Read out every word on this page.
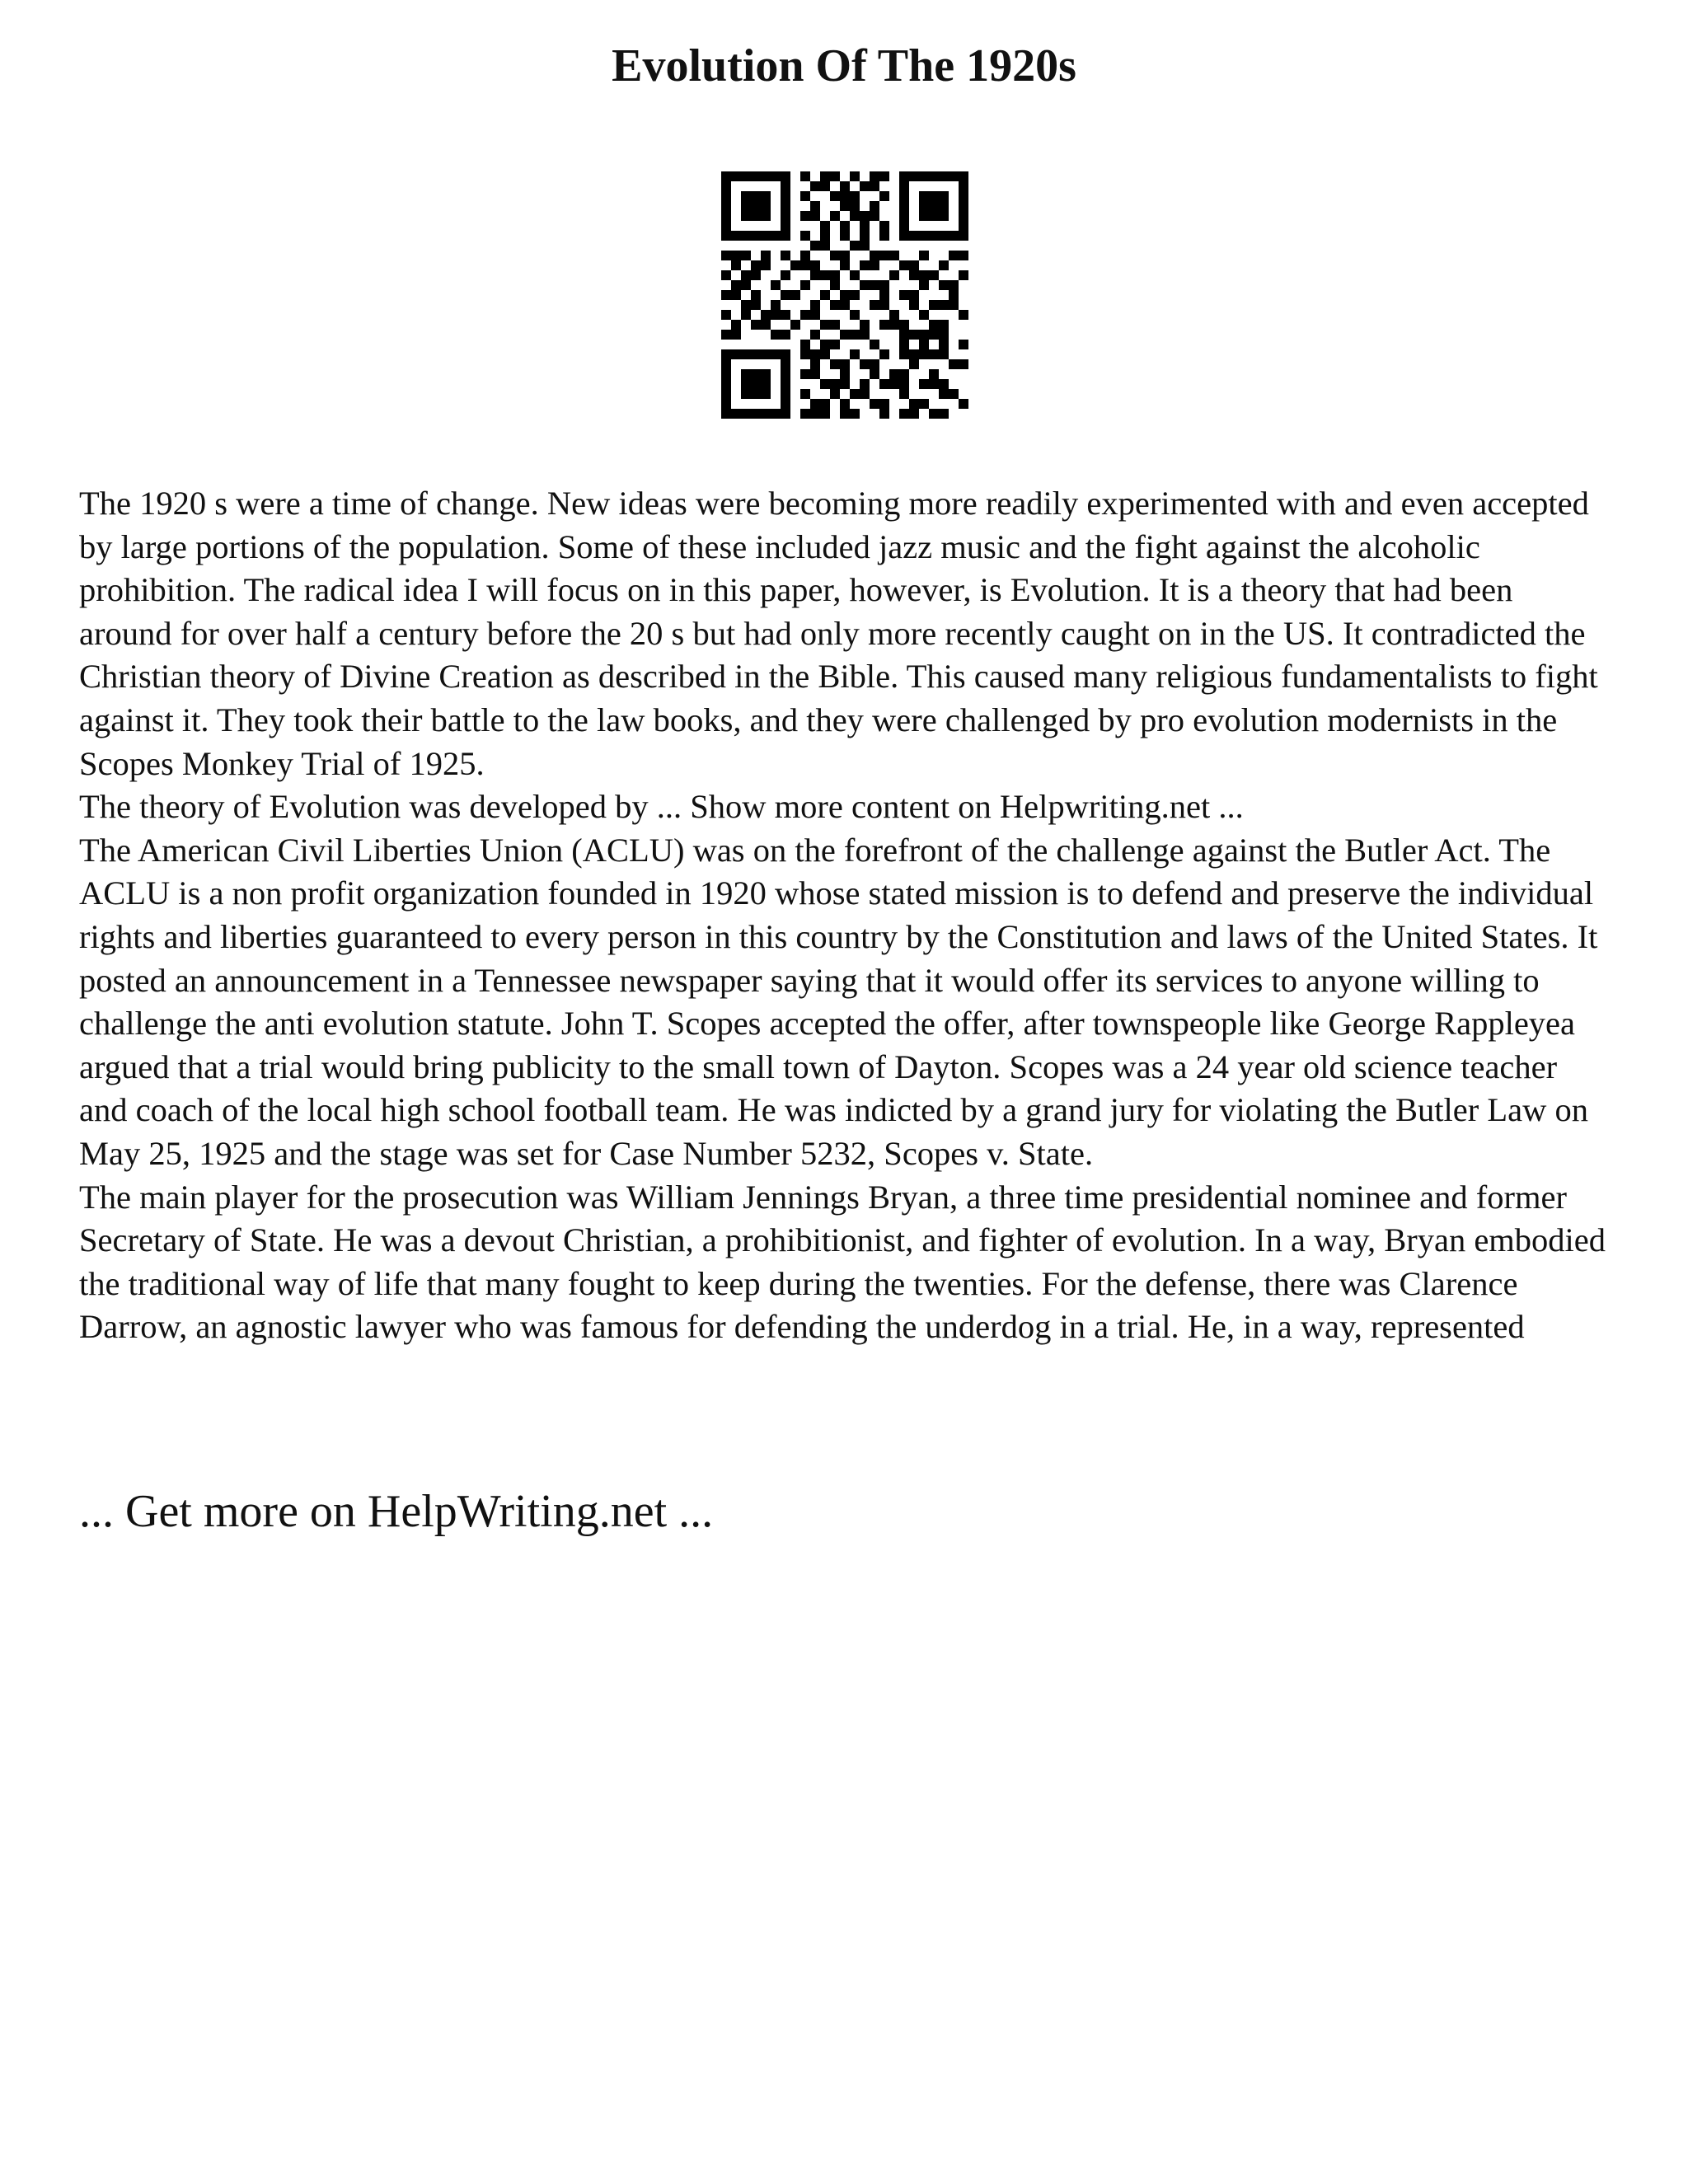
Evolution Of The 1920s

The 1920 s were a time of change. New ideas were becoming more readily experimented with and even accepted by large portions of the population. Some of these included jazz music and the fight against the alcoholic prohibition. The radical idea I will focus on in this paper, however, is Evolution. It is a theory that had been around for over half a century before the 20 s but had only more recently caught on in the US. It contradicted the Christian theory of Divine Creation as described in the Bible. This caused many religious fundamentalists to fight against it. They took their battle to the law books, and they were challenged by pro evolution modernists in the Scopes Monkey Trial of 1925.

The theory of Evolution was developed by ... Show more content on Helpwriting.net ...

The American Civil Liberties Union (ACLU) was on the forefront of the challenge against the Butler Act. The ACLU is a non profit organization founded in 1920 whose stated mission is to defend and preserve the individual rights and liberties guaranteed to every person in this country by the Constitution and laws of the United States. It posted an announcement in a Tennessee newspaper saying that it would offer its services to anyone willing to challenge the anti evolution statute. John T. Scopes accepted the offer, after townspeople like George Rappleyea argued that a trial would bring publicity to the small town of Dayton. Scopes was a 24 year old science teacher and coach of the local high school football team. He was indicted by a grand jury for violating the Butler Law on May 25, 1925 and the stage was set for Case Number 5232, Scopes v. State.

The main player for the prosecution was William Jennings Bryan, a three time presidential nominee and former Secretary of State. He was a devout Christian, a prohibitionist, and fighter of evolution. In a way, Bryan embodied the traditional way of life that many fought to keep during the twenties. For the defense, there was Clarence Darrow, an agnostic lawyer who was famous for defending the underdog in a trial. He, in a way, represented

... Get more on HelpWriting.net ...
